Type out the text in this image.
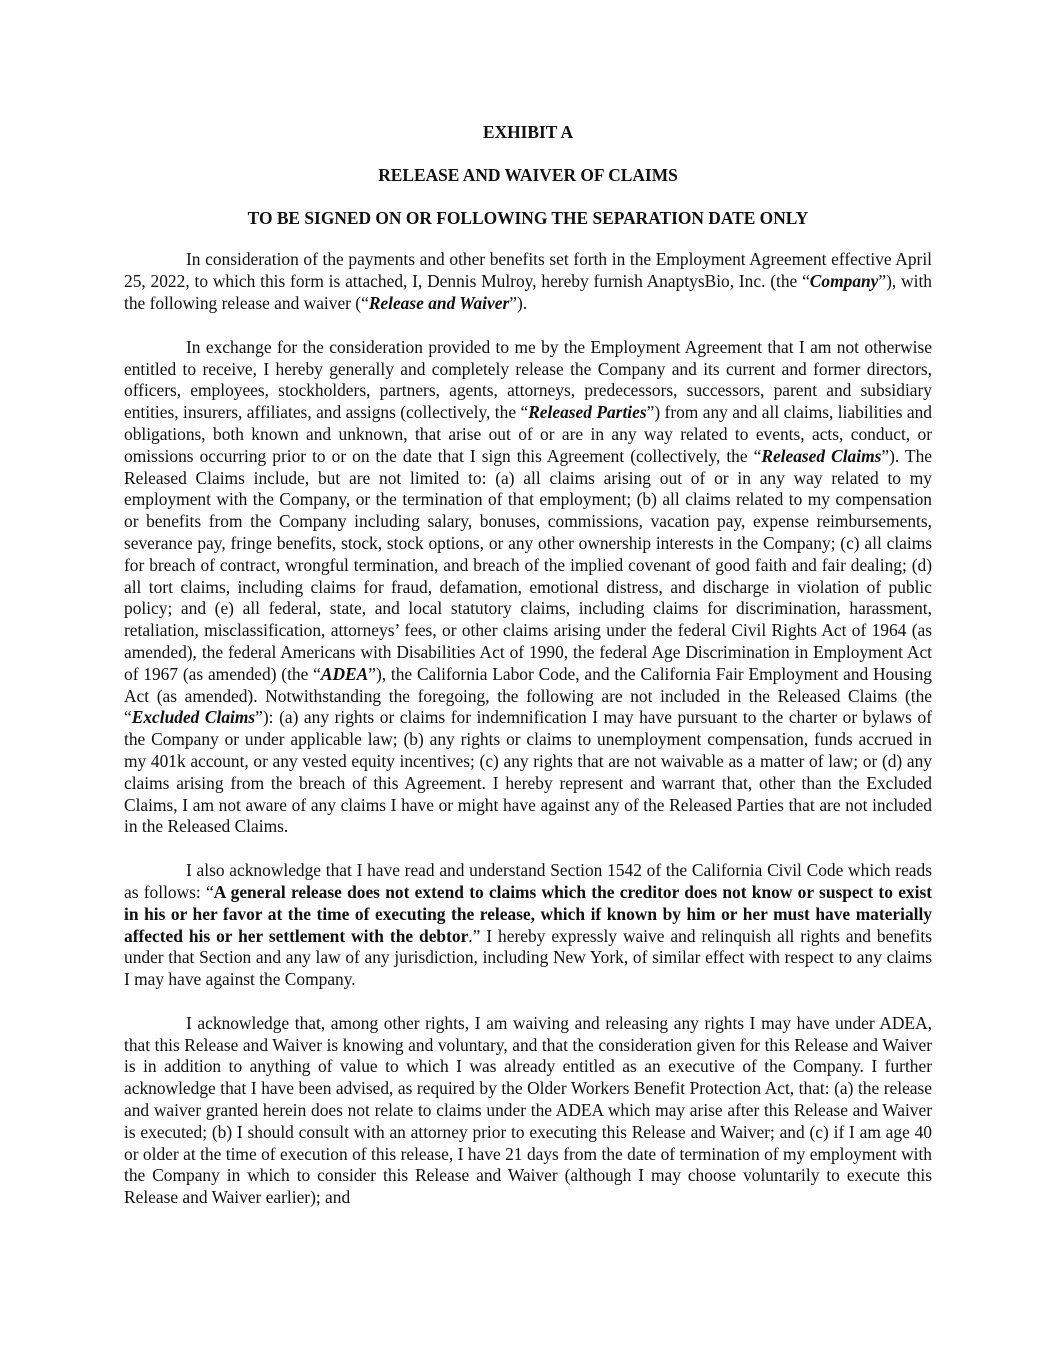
EXHIBIT A

RELEASE AND WAIVER OF CLAIMS

TO BE SIGNED ON OR FOLLOWING THE SEPARATION DATE ONLY

In consideration of the payments and other benefits set forth in the Employment Agreement effective April 25, 2022, to which this form is attached, I, Dennis Mulroy, hereby furnish AnaptysBio, Inc. (the “Company”), with the following release and waiver (“Release and Waiver”).

In exchange for the consideration provided to me by the Employment Agreement that I am not otherwise entitled to receive, I hereby generally and completely release the Company and its current and former directors, officers, employees, stockholders, partners, agents, attorneys, predecessors, successors, parent and subsidiary entities, insurers, affiliates, and assigns (collectively, the “Released Parties”) from any and all claims, liabilities and obligations, both known and unknown, that arise out of or are in any way related to events, acts, conduct, or omissions occurring prior to or on the date that I sign this Agreement (collectively, the “Released Claims”). The Released Claims include, but are not limited to: (a) all claims arising out of or in any way related to my employment with the Company, or the termination of that employment; (b) all claims related to my compensation or benefits from the Company including salary, bonuses, commissions, vacation pay, expense reimbursements, severance pay, fringe benefits, stock, stock options, or any other ownership interests in the Company; (c) all claims for breach of contract, wrongful termination, and breach of the implied covenant of good faith and fair dealing; (d) all tort claims, including claims for fraud, defamation, emotional distress, and discharge in violation of public policy; and (e) all federal, state, and local statutory claims, including claims for discrimination, harassment, retaliation, misclassification, attorneys’ fees, or other claims arising under the federal Civil Rights Act of 1964 (as amended), the federal Americans with Disabilities Act of 1990, the federal Age Discrimination in Employment Act of 1967 (as amended) (the “ADEA”), the California Labor Code, and the California Fair Employment and Housing Act (as amended). Notwithstanding the foregoing, the following are not included in the Released Claims (the “Excluded Claims”): (a) any rights or claims for indemnification I may have pursuant to the charter or bylaws of the Company or under applicable law; (b) any rights or claims to unemployment compensation, funds accrued in my 401k account, or any vested equity incentives; (c) any rights that are not waivable as a matter of law; or (d) any claims arising from the breach of this Agreement. I hereby represent and warrant that, other than the Excluded Claims, I am not aware of any claims I have or might have against any of the Released Parties that are not included in the Released Claims.

I also acknowledge that I have read and understand Section 1542 of the California Civil Code which reads as follows: “A general release does not extend to claims which the creditor does not know or suspect to exist in his or her favor at the time of executing the release, which if known by him or her must have materially affected his or her settlement with the debtor.” I hereby expressly waive and relinquish all rights and benefits under that Section and any law of any jurisdiction, including New York, of similar effect with respect to any claims I may have against the Company.

I acknowledge that, among other rights, I am waiving and releasing any rights I may have under ADEA, that this Release and Waiver is knowing and voluntary, and that the consideration given for this Release and Waiver is in addition to anything of value to which I was already entitled as an executive of the Company. I further acknowledge that I have been advised, as required by the Older Workers Benefit Protection Act, that: (a) the release and waiver granted herein does not relate to claims under the ADEA which may arise after this Release and Waiver is executed; (b) I should consult with an attorney prior to executing this Release and Waiver; and (c) if I am age 40 or older at the time of execution of this release, I have 21 days from the date of termination of my employment with the Company in which to consider this Release and Waiver (although I may choose voluntarily to execute this Release and Waiver earlier); and
